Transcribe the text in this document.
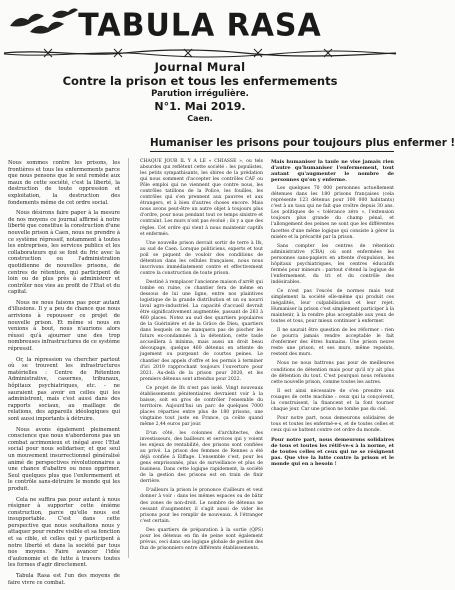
TABULA RASA
Journal Mural
Contre la prison et tous les enfermements
Parution irrégulière.
N°1. Mai 2019.
Caen.

Nous sommes contre les prisons, les frontières et tous les enfermements parce que nous pensons que le seul remède aux maux de cette société, c'est la liberté, la destruction de toute oppression et exploitation, la destruction des fondements même de cet ordre social.

Nous désirons faire paper à la mesure de nos moyens ce journal affirmé à notre liberté que constitue la construction d'une nouvelle prison à Caen, nous ne prendre à ce système répressif, notamment à toutes les entreprises, les services publics et les collaborateurs qui se font du fric avec la construction ou l'administration quotidienne de nouvelles prisons, de centres de rétention, qui participent de loin ou de plus près à administrer et contrôler nos vies au profit de l'Etat et du capital.

Nous ne nous faisons pas pour autant d'illusions. Il y a peu de chance que nous arrivions à repousser ce projet de nouvelle prison. Et même si nous en venions à bout, nous n'aurions alors réussi qu'à ajourner une des trop nombreuses infrastructures de ce système répressif.

Or, la répression va chercher partout où se trouvent les infrastructures matérielles : Centre de Rétention Administrative, casernes, tribunaux, hôpitaux psychiatriques, etc. - ne sauraient pas avoir en celles qui les administrent, mais c'est aussi dans des rapports sociaux, au maillage de relations, des appareils idéologiques qui sont aussi importants à détruire.

Nous avons également pleinement conscience que nous n'aborderons pas un combat acrimonieux et inégal avec l'Etat social pour nous solidariser, et que seul un mouvement insurrectionnel généralisé animé de perspectives révolutionnaires a une chance d'abattre ou nous opprimer. Seul quelques plus que l'enfermement et le contrôle sans-détruire le monde qui les produit.

Cela ne suffira pas pour autant à nous résigner à supporter cette énième construction, parce qu'elle nous est insupportable. C'est dans cette perspective que nous souhaitons nous y attaquer pour rendre visible et sa fonction et sa cible, et celles qui y participent à notre liberté et dans la société par tous nos moyens. Faire avancer l'idée d'autonomie et de lutte à travers toutes les formes d'agir directement.

Tabula Rasa est l'un des moyens de faire vivre ce combat.

Humaniser les prisons pour toujours plus enfermer !

CHAQUE JOUR IL Y A LE « CHIASSE », ou tels absurdes qui reflètent cette société : les populistes, les petits sympathisants, les sbires de la prédation qui nous somment d'accepter les contrôles CAF ou Pôle emploi qui ne viennent que contre nous, les contrôles tatillons de la Police, les fouilles, les contrôles qui s'en prennent aux pauvres et aux étrangers, et à bien d'autres choses encore. Mais nous avons peut-être un autre objet à toujours plus d'ordre, pour nous pendant tout ce temps sinistre et contraint. Les murs n'ont pas évolué ; ils y a que des règles. Cet ordre qui vient à nous maintenir captifs et enfermés.

Une nouvelle prison devrait sortir de terre à Ifs, au sud de Caen. Lorsque politiciens, experts et tout poil se piquent de vouloir des conditions de détention dans les cellules françaises, nous nous inscrivons immédiatement contre et effectivement contre la construction de toute prison.

Destiné à remplacer l'ancienne maison d'arrêt qui tombe en ruine, ce chantier fera de même en dessous de lui une ligne, entre nos plaintives logistique de la grande distribution et un ou nourri laval agro-industriel. La capacité d'accueil devrait être significativement augmentée, passant de 263 à 460 places. Notez au sud des quartiers populaires de la Guérinière et de la Grâce de Dieu, quartiers dans lesquels on ne manquera pas de piocher les futurs ex-condamnés à la détention, cette taule accueillera à minima, mais aussi un droit beau découpage, quelque 460 détenus en attente de jugement ou purgeant de courtes peines. Le chantier des appels d'offre et les permis à terminer d'ici 2019 rapprochant toujours l'ouverture pour 2021. Au-delà de la prison pour 2020, et les premiers détenus sont attendus pour 2022.

Ce projet de Ifs n'est pas isolé. Vingt nouveaux établissements pénitentiaires devraient voir à la baisse, soit en gros de contrôler l'ensemble du territoire. Aujourd'hui un parc de quelques 7000 places réparties entre plus de 180 prisons, une vingtaine tout juste en France, ça coûte quand même 2,44 euros par jour.

D'un côté, les colonnes d'architectes, des investisseurs, des bailleurs et services qui y voient les enjeux de rentabilité, des prisons sont confiées au privé. La prison des femmes de Rennes a été déjà confiée à Eiffage. L'ensemble c'est, pour les gens emprisonnés, plus de surveillance et plus de business. Dans cette logique rapidement, la société de la gestion des prisons est en train de finir derrière.

D'ailleurs la prison le prononce d'ailleurs et veut donner à voir : dans les mêmes espaces ou de bâtir des zones de non-droit. Le nombre de détenus ne cessant d'augmenter, il s'agit aussi de vider les prisons pour les remplir de nouveaux. À l'étranger c'est certain.

Des quartiers de préparation à la sortie (QPS) pour les détenus en fin de peine sont également prévus, ceci dans une logique globale de gestion des flux de prisonniers entre différents établissements.

Mais humaniser la taule ne vise jamais rien d'autre qu'humaniser l'enfermement, tout autant qu'augmenter le nombre de personnes qu'on y enferme.

Les quelques 70 000 personnes actuellement détenues dans les 180 prisons françaises (cela représente 123 détenus pour 100 000 habitants) c'est à un taux qui ne fait que croître depuis 30 ans. Les politiques de « tolérance zéro », l'extension toujours plus grande du champ pénal, et l'allongement des peines ne sont que les différentes facettes d'une même logique qui consiste à gérer la misère et la précarité par la prison.

Sans compter les centres de rétention administrative (CRA) où sont enfermées les personnes sans-papiers en attente d'expulsion, les hôpitaux psychiatriques, les centres éducatifs fermés pour mineurs : partout s'étend la logique de l'enfermement, du tri et du contrôle des indésirables.

Ce n'est pas l'excès de normes mais tout simplement la société elle-même qui produit ces inégalités, leur culpabilisation et leur rejet. Humaniser la prison c'est simplement participer à la maintenir, à la rendre plus acceptable aux yeux de toutes et tous, pour mieux continuer à enfermer.

Il ne saurait être question de les réformer : rien ne pourra jamais rendre acceptable le fait d'enfermer des êtres humains. Une prison neuve reste une prison, et ses murs, même repeints, restent des murs.

Nous ne nous battrons pas pour de meilleures conditions de détention mais pour qu'il n'y ait plus de détention du tout. C'est pourquoi nous refusons cette nouvelle prison, comme toutes les autres.

Il est ainsi nécessaire de s'en prendre aux rouages de cette machine : ceux qui la conçoivent, la construisent, la financent et la font tourner chaque jour. Car une prison ne tombe pas du ciel.

Pour notre part, nous demeurons solidaires de tous et toutes les enfermé-e-s, et de toutes celles et ceux qui se battent contre cet ordre du monde.

Pour notre part, nous demeurons solidaires de tous et toutes les rétif-ve-s à la norme, et de toutes celles et ceux qui ne se résignent pas. Que vive la lutte contre la prison et le monde qui en a besoin !
